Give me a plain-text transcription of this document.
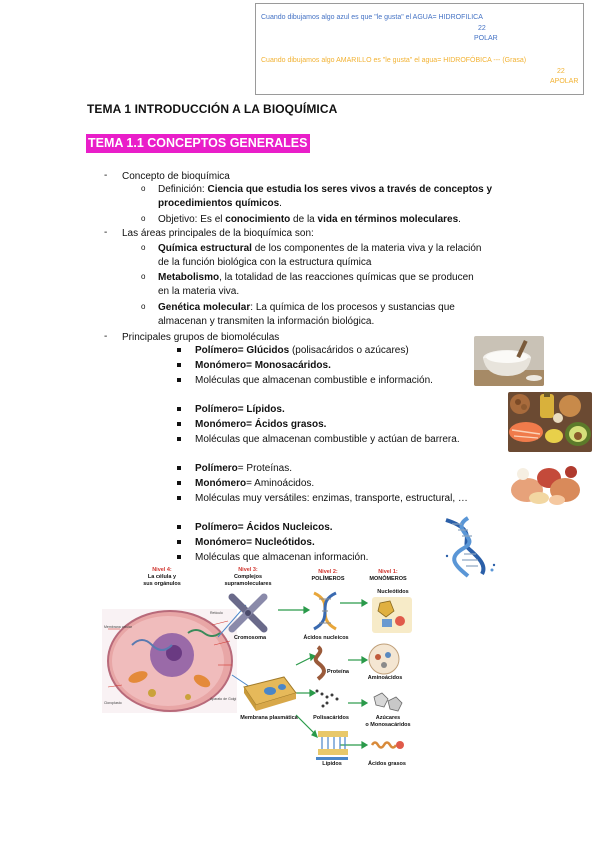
Cuando dibujamos algo azul es que "le gusta" el AGUA= HIDROFILICA
22
POLAR
Cuando dibujamos algo AMARILLO es "le gusta" el agua= HIDROFÓBICA --- (Grasa)
22
APOLAR
TEMA 1 INTRODUCCIÓN A LA BIOQUÍMICA
TEMA 1.1 CONCEPTOS GENERALES
- Concepto de bioquímica
o Definición: Ciencia que estudia los seres vivos a través de conceptos y
procedimientos químicos.
o Objetivo: Es el conocimiento de la vida en términos moleculares.
- Las áreas principales de la bioquímica son:
o Química estructural de los componentes de la materia viva y la relación
de la función biológica con la estructura química
o Metabolismo, la totalidad de las reacciones químicas que se producen
en la materia viva.
o Genética molecular: La química de los procesos y sustancias que
almacenan y transmiten la información biológica.
- Principales grupos de biomoléculas
Polímero= Glúcidos (polisacáridos o azúcares)
Monómero= Monosacáridos.
Moléculas que almacenan combustible e información.
Polímero= Lípidos.
Monómero= Ácidos grasos.
Moléculas que almacenan combustible y actúan de barrera.
Polímero= Proteínas.
Monómero= Aminoácidos.
Moléculas muy versátiles: enzimas, transporte, estructural, …
Polímero= Ácidos Nucleicos.
Monómero= Nucleótidos.
Moléculas que almacenan información.
Nivel 4:
La célula y
sus orgánulos
Nivel 3:
Complejos
supramoleculares
Nivel 2:
POLÍMEROS
Nivel 1:
MONÓMEROS
Membrana celular
Cloroplasto
Retículo
Aparato de Golgi
Cromosoma	Ácidos nucleicos
Nucleótidos
Proteína
Aminoácidos
Membrana plasmática	Polisacáridos	Azúcares
o Monosacáridos
Lípidos	Ácidos grasos
